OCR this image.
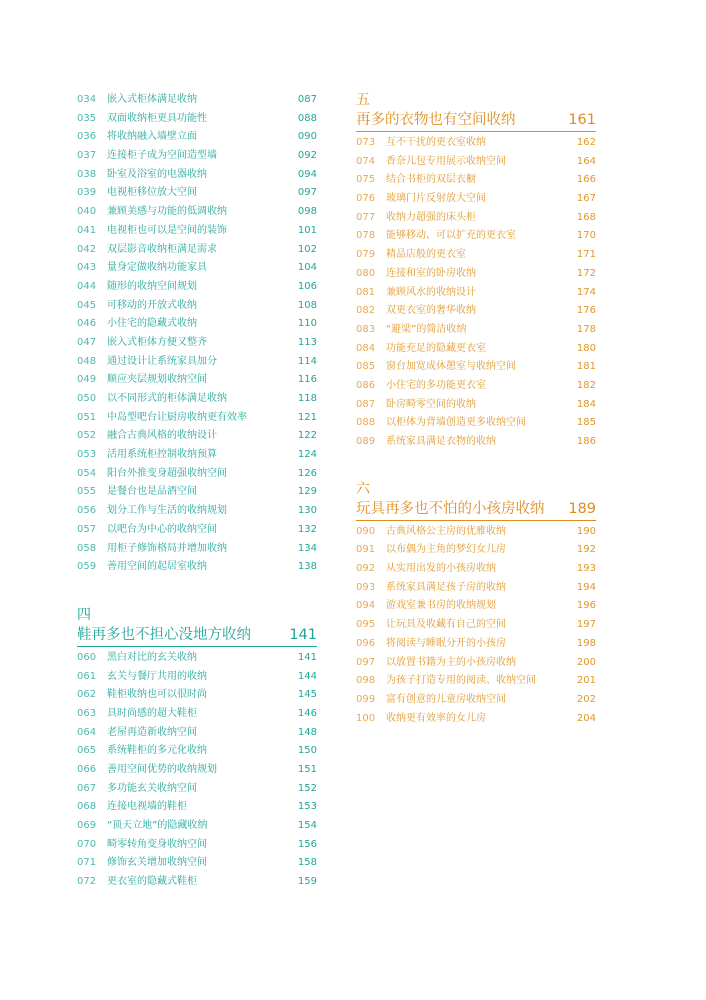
034	嵌入式柜体满足收纳	087
035	双面收纳柜更具功能性	088
036	将收纳融入墙壁立面	090
037	连接柜子成为空间造型墙	092
038	卧室及浴室的电器收纳	094
039	电视柜移位放大空间	097
040	兼顾美感与功能的低调收纳	098
041	电视柜也可以是空间的装饰	101
042	双层影音收纳柜满足需求	102
043	量身定做收纳功能家具	104
044	随形的收纳空间规划	106
045	可移动的开放式收纳	108
046	小住宅的隐藏式收纳	110
047	嵌入式柜体方便又整齐	113
048	通过设计让系统家具加分	114
049	顺应夹层规划收纳空间	116
050	以不同形式的柜体满足收纳	118
051	中岛型吧台让厨房收纳更有效率	121
052	融合古典风格的收纳设计	122
053	活用系统柜控制收纳预算	124
054	阳台外推变身超强收纳空间	126
055	是餐台也是品酒空间	129
056	划分工作与生活的收纳规划	130
057	以吧台为中心的收纳空间	132
058	用柜子修饰格局并增加收纳	134
059	善用空间的起居室收纳	138
四
鞋再多也不担心没地方收纳	141
060	黑白对比的玄关收纳	141
061	玄关与餐厅共用的收纳	144
062	鞋柜收纳也可以很时尚	145
063	具时尚感的超大鞋柜	146
064	老屋再造新收纳空间	148
065	系统鞋柜的多元化收纳	150
066	善用空间优势的收纳规划	151
067	多功能玄关收纳空间	152
068	连接电视墙的鞋柜	153
069	“顶天立地”的隐藏收纳	154
070	畸零转角变身收纳空间	156
071	修饰玄关增加收纳空间	158
072	更衣室的隐藏式鞋柜	159
五
再多的衣物也有空间收纳	161
073	互不干扰的更衣室收纳	162
074	香奈儿包专用展示收纳空间	164
075	结合书柜的双层衣橱	166
076	玻璃门片反射放大空间	167
077	收纳力超强的床头柜	168
078	能够移动、可以扩充的更衣室	170
079	精品店般的更衣室	171
080	连接和室的卧房收纳	172
081	兼顾风水的收纳设计	174
082	双更衣室的奢华收纳	176
083	“避梁”的简洁收纳	178
084	功能充足的隐藏更衣室	180
085	窗台加宽成休憩室与收纳空间	181
086	小住宅的多功能更衣室	182
087	卧房畸零空间的收纳	184
088	以柜体为背墙创造更多收纳空间	185
089	系统家具满足衣物的收纳	186
六
玩具再多也不怕的小孩房收纳 189
090	古典风格公主房的优雅收纳	190
091	以布偶为主角的梦幻女儿房	192
092	从实用出发的小孩房收纳	193
093	系统家具满足孩子房的收纳	194
094	游戏室兼书房的收纳规划	196
095	让玩具及收藏有自己的空间	197
096	将阅读与睡眠分开的小孩房	198
097	以放置书籍为主的小孩房收纳	200
098	为孩子打造专用的阅读、收纳空间	201
099	富有创意的儿童房收纳空间	202
100	收纳更有效率的女儿房	204
